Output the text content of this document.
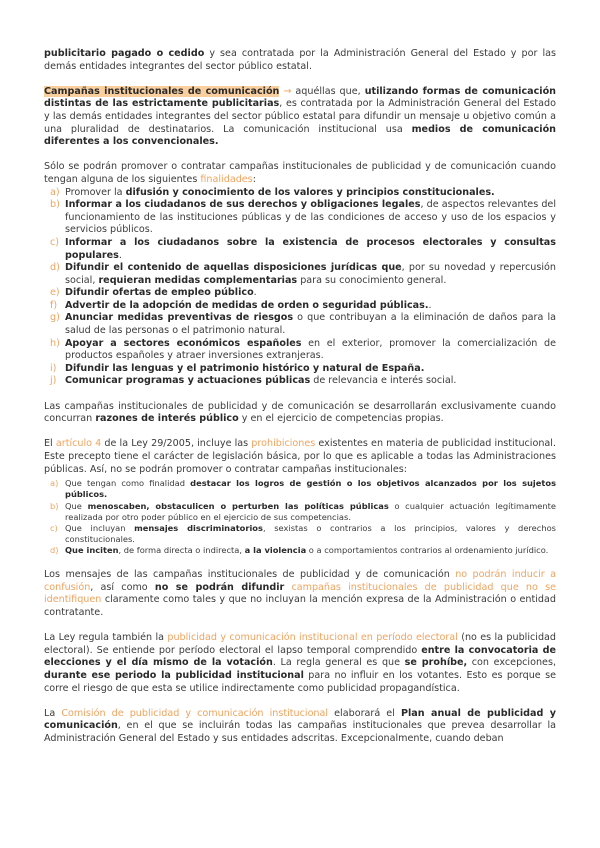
publicitario pagado o cedido y sea contratada por la Administración General del Estado y por las demás entidades integrantes del sector público estatal.

Campañas institucionales de comunicación → aquéllas que, utilizando formas de comunicación distintas de las estrictamente publicitarias, es contratada por la Administración General del Estado y las demás entidades integrantes del sector público estatal para difundir un mensaje u objetivo común a una pluralidad de destinatarios. La comunicación institucional usa medios de comunicación diferentes a los convencionales.

Sólo se podrán promover o contratar campañas institucionales de publicidad y de comunicación cuando tengan alguna de los siguientes finalidades:

a) Promover la difusión y conocimiento de los valores y principios constitucionales.
b) Informar a los ciudadanos de sus derechos y obligaciones legales, de aspectos relevantes del funcionamiento de las instituciones públicas y de las condiciones de acceso y uso de los espacios y servicios públicos.
c) Informar a los ciudadanos sobre la existencia de procesos electorales y consultas populares.
d) Difundir el contenido de aquellas disposiciones jurídicas que, por su novedad y repercusión social, requieran medidas complementarias para su conocimiento general.
e) Difundir ofertas de empleo público.
f) Advertir de la adopción de medidas de orden o seguridad públicas..
g) Anunciar medidas preventivas de riesgos o que contribuyan a la eliminación de daños para la salud de las personas o el patrimonio natural.
h) Apoyar a sectores económicos españoles en el exterior, promover la comercialización de productos españoles y atraer inversiones extranjeras.
i) Difundir las lenguas y el patrimonio histórico y natural de España.
j) Comunicar programas y actuaciones públicas de relevancia e interés social.

Las campañas institucionales de publicidad y de comunicación se desarrollarán exclusivamente cuando concurran razones de interés público y en el ejercicio de competencias propias.

El artículo 4 de la Ley 29/2005, incluye las prohibiciones existentes en materia de publicidad institucional. Este precepto tiene el carácter de legislación básica, por lo que es aplicable a todas las Administraciones públicas. Así, no se podrán promover o contratar campañas institucionales:

a) Que tengan como finalidad destacar los logros de gestión o los objetivos alcanzados por los sujetos públicos.
b) Que menoscaben, obstaculicen o perturben las políticas públicas o cualquier actuación legítimamente realizada por otro poder público en el ejercicio de sus competencias.
c) Que incluyan mensajes discriminatorios, sexistas o contrarios a los principios, valores y derechos constitucionales.
d) Que inciten, de forma directa o indirecta, a la violencia o a comportamientos contrarios al ordenamiento jurídico.

Los mensajes de las campañas institucionales de publicidad y de comunicación no podrán inducir a confusión, así como no se podrán difundir campañas institucionales de publicidad que no se identifiquen claramente como tales y que no incluyan la mención expresa de la Administración o entidad contratante.

La Ley regula también la publicidad y comunicación institucional en período electoral (no es la publicidad electoral). Se entiende por período electoral el lapso temporal comprendido entre la convocatoria de elecciones y el día mismo de la votación. La regla general es que se prohíbe, con excepciones, durante ese periodo la publicidad institucional para no influir en los votantes. Esto es porque se corre el riesgo de que esta se utilice indirectamente como publicidad propagandística.

La Comisión de publicidad y comunicación institucional elaborará el Plan anual de publicidad y comunicación, en el que se incluirán todas las campañas institucionales que prevea desarrollar la Administración General del Estado y sus entidades adscritas. Excepcionalmente, cuando deban
